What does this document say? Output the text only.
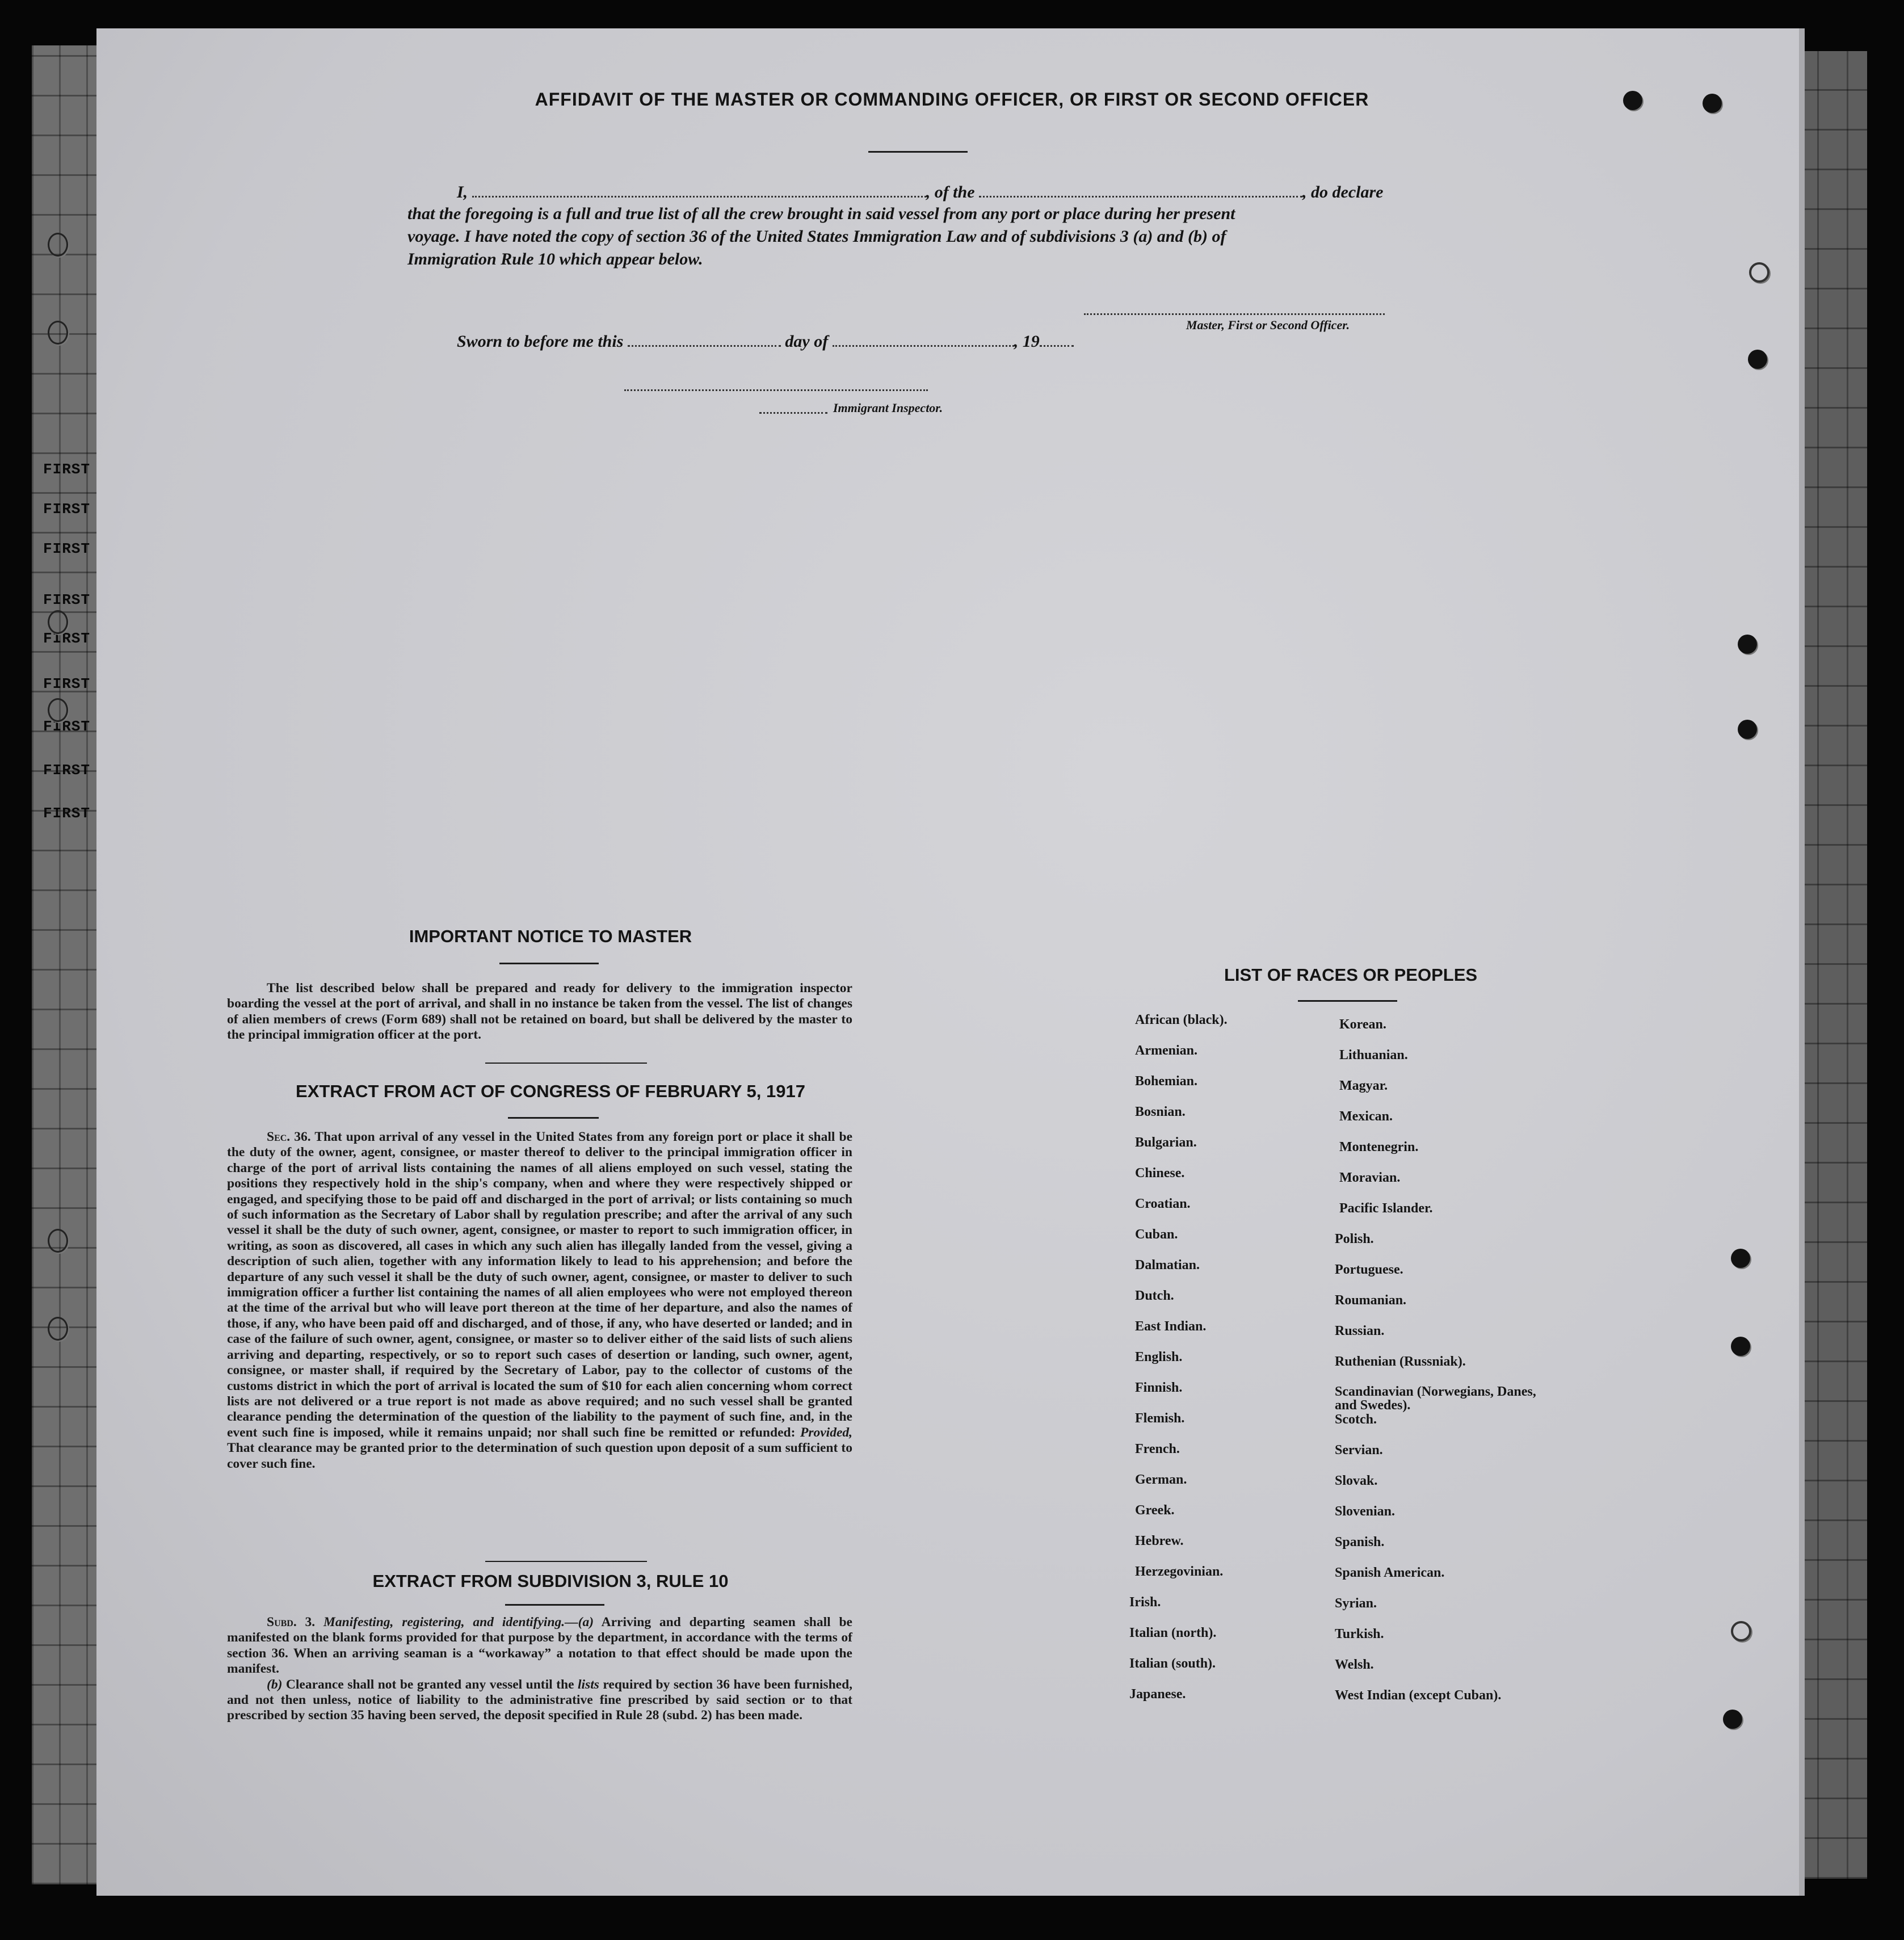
FIRST
FIRST
FIRST
FIRST
FIRST
FIRST
FIRST
FIRST
FIRST
AFFIDAVIT OF THE MASTER OR COMMANDING OFFICER, OR FIRST OR SECOND OFFICER
I,	, of the	, do declare
that the foregoing is a full and true list of all the crew brought in said vessel from any port or place during her present
voyage. I have noted the copy of section 36 of the United States Immigration Law and of subdivisions 3 (a) and (b) of
Immigration Rule 10 which appear below.
Master, First or Second Officer.
Sworn to before me this	day of	, 19
Immigrant Inspector.
IMPORTANT NOTICE TO MASTER

The list described below shall be prepared and ready for delivery to the immigration inspector boarding the vessel at the port of arrival, and shall in no instance be taken from the vessel. The list of changes of alien members of crews (Form 689) shall not be retained on board, but shall be delivered by the master to the principal immigration officer at the port.

EXTRACT FROM ACT OF CONGRESS OF FEBRUARY 5, 1917

Sec. 36. That upon arrival of any vessel in the United States from any foreign port or place it shall be the duty of the owner, agent, consignee, or master thereof to deliver to the principal immigration officer in charge of the port of arrival lists containing the names of all aliens employed on such vessel, stating the positions they respectively hold in the ship's company, when and where they were respectively shipped or engaged, and specifying those to be paid off and discharged in the port of arrival; or lists containing so much of such information as the Secretary of Labor shall by regulation prescribe; and after the arrival of any such vessel it shall be the duty of such owner, agent, consignee, or master to report to such immigration officer, in writing, as soon as discovered, all cases in which any such alien has illegally landed from the vessel, giving a description of such alien, together with any information likely to lead to his apprehension; and before the departure of any such vessel it shall be the duty of such owner, agent, consignee, or master to deliver to such immigration officer a further list containing the names of all alien employees who were not employed thereon at the time of the arrival but who will leave port thereon at the time of her departure, and also the names of those, if any, who have been paid off and discharged, and of those, if any, who have deserted or landed; and in case of the failure of such owner, agent, consignee, or master so to deliver either of the said lists of such aliens arriving and departing, respectively, or so to report such cases of desertion or landing, such owner, agent, consignee, or master shall, if required by the Secretary of Labor, pay to the collector of customs of the customs district in which the port of arrival is located the sum of $10 for each alien concerning whom correct lists are not delivered or a true report is not made as above required; and no such vessel shall be granted clearance pending the determination of the question of the liability to the payment of such fine, and, in the event such fine is imposed, while it remains unpaid; nor shall such fine be remitted or refunded: Provided, That clearance may be granted prior to the determination of such question upon deposit of a sum sufficient to cover such fine.

EXTRACT FROM SUBDIVISION 3, RULE 10

Subd. 3. Manifesting, registering, and identifying.—(a) Arriving and departing seamen shall be manifested on the blank forms provided for that purpose by the department, in accordance with the terms of section 36. When an arriving seaman is a “workaway” a notation to that effect should be made upon the manifest.

(b) Clearance shall not be granted any vessel until the lists required by section 36 have been furnished, and not then unless, notice of liability to the administrative fine prescribed by said section or to that prescribed by section 35 having been served, the deposit specified in Rule 28 (subd. 2) has been made.

LIST OF RACES OR PEOPLES
African (black).
Armenian.
Bohemian.
Bosnian.
Bulgarian.
Chinese.
Croatian.
Cuban.
Dalmatian.
Dutch.
East Indian.
English.
Finnish.
Flemish.
French.
German.
Greek.
Hebrew.
Herzegovinian.
Irish.
Italian (north).
Italian (south).
Japanese.
Korean.
Lithuanian.
Magyar.
Mexican.
Montenegrin.
Moravian.
Pacific Islander.
Polish.
Portuguese.
Roumanian.
Russian.
Ruthenian (Russniak).
Scandinavian (Norwegians, Danes, and Swedes).
Scotch.
Servian.
Slovak.
Slovenian.
Spanish.
Spanish American.
Syrian.
Turkish.
Welsh.
West Indian (except Cuban).
